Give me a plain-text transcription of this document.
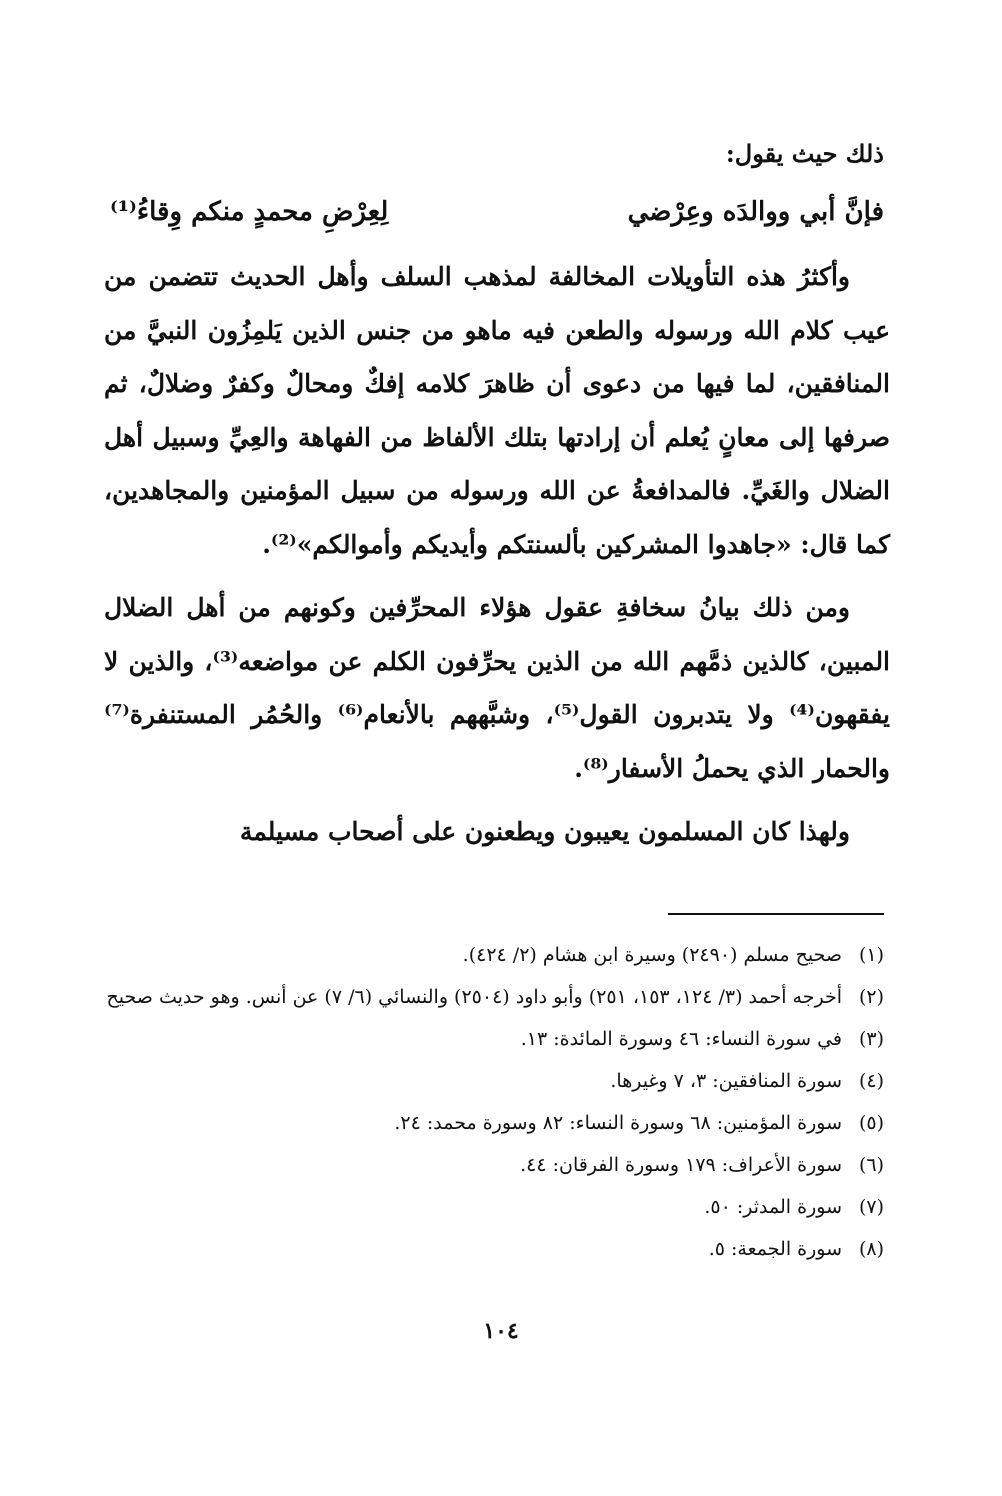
ذلك حيث يقول:
فإنَّ أبي ووالدَه وعِرْضي
لِعِرْضِ محمدٍ منكم وِقاءُ⁽¹⁾

وأكثرُ هذه التأويلات المخالفة لمذهب السلف وأهل الحديث تتضمن من عيب كلام الله ورسوله والطعن فيه ماهو من جنس الذين يَلمِزُون النبيَّ من المنافقين، لما فيها من دعوى أن ظاهرَ كلامه إفكٌ ومحالٌ وكفرٌ وضلالٌ، ثم صرفها إلى معانٍ يُعلم أن إرادتها بتلك الألفاظ من الفهاهة والعِيِّ وسبيل أهل الضلال والغَيِّ. فالمدافعةُ عن الله ورسوله من سبيل المؤمنين والمجاهدين، كما قال: «جاهدوا المشركين بألسنتكم وأيديكم وأموالكم»⁽²⁾.

ومن ذلك بيانُ سخافةِ عقول هؤلاء المحرِّفين وكونهم من أهل الضلال المبين، كالذين ذمَّهم الله من الذين يحرِّفون الكلم عن مواضعه⁽³⁾، والذين لا يفقهون⁽⁴⁾ ولا يتدبرون القول⁽⁵⁾، وشبَّههم بالأنعام⁽⁶⁾ والحُمُر المستنفرة⁽⁷⁾ والحمار الذي يحملُ الأسفار⁽⁸⁾.

ولهذا كان المسلمون يعيبون ويطعنون على أصحاب مسيلمة

(١)
صحيح مسلم (٢٤٩٠) وسيرة ابن هشام (٢/ ٤٢٤).
(٢)
أخرجه أحمد (٣/ ١٢٤، ١٥٣، ٢٥١) وأبو داود (٢٥٠٤) والنسائي (٦/ ٧) عن أنس. وهو حديث صحيح
(٣)
في سورة النساء: ٤٦ وسورة المائدة: ١٣.
(٤)
سورة المنافقين: ٣، ٧ وغيرها.
(٥)
سورة المؤمنين: ٦٨ وسورة النساء: ٨٢ وسورة محمد: ٢٤.
(٦)
سورة الأعراف: ١٧٩ وسورة الفرقان: ٤٤.
(٧)
سورة المدثر: ٥٠.
(٨)
سورة الجمعة: ٥.
١٠٤
